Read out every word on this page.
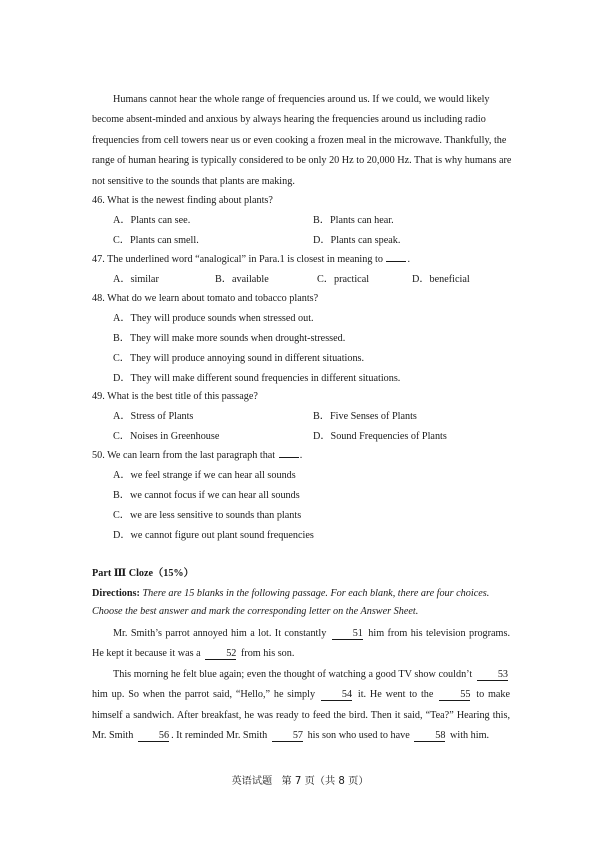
Humans cannot hear the whole range of frequencies around us. If we could, we would likely become absent-minded and anxious by always hearing the frequencies around us including radio frequencies from cell towers near us or even cooking a frozen meal in the microwave. Thankfully, the range of human hearing is typically considered to be only 20 Hz to 20,000 Hz. That is why humans are not sensitive to the sounds that plants are making.

46. What is the newest finding about plants?
A．Plants can see.	B．Plants can hear.
C．Plants can smell.	D．Plants can speak.
47. The underlined word “analogical” in Para.1 is closest in meaning to .
A．similar	B．available	C．practical	D．beneficial
48. What do we learn about tomato and tobacco plants?
A．They will produce sounds when stressed out.
B．They will make more sounds when drought-stressed.
C．They will produce annoying sound in different situations.
D．They will make different sound frequencies in different situations.
49. What is the best title of this passage?
A．Stress of Plants	B．Five Senses of Plants
C．Noises in Greenhouse	D．Sound Frequencies of Plants
50. We can learn from the last paragraph that .
A．we feel strange if we can hear all sounds
B．we cannot focus if we can hear all sounds
C．we are less sensitive to sounds than plants
D．we cannot figure out plant sound frequencies
Part Ⅲ Cloze（15%）
Directions: There are 15 blanks in the following passage. For each blank, there are four choices. Choose the best answer and mark the corresponding letter on the Answer Sheet.

Mr. Smith’s parrot annoyed him a lot. It constantly	51 him from his television programs. He kept it because it was a	52 from his son.

This morning he felt blue again; even the thought of watching a good TV show couldn’t	53 him up. So when the parrot said, “Hello,” he simply	54 it. He went to the	55 to make himself a sandwich. After breakfast, he was ready to feed the bird. Then it said, “Tea?” Hearing this, Mr. Smith	56 . It reminded Mr. Smith	57 his son who used to have	58 with him.

英语试题 第 7 页（共 8 页）
